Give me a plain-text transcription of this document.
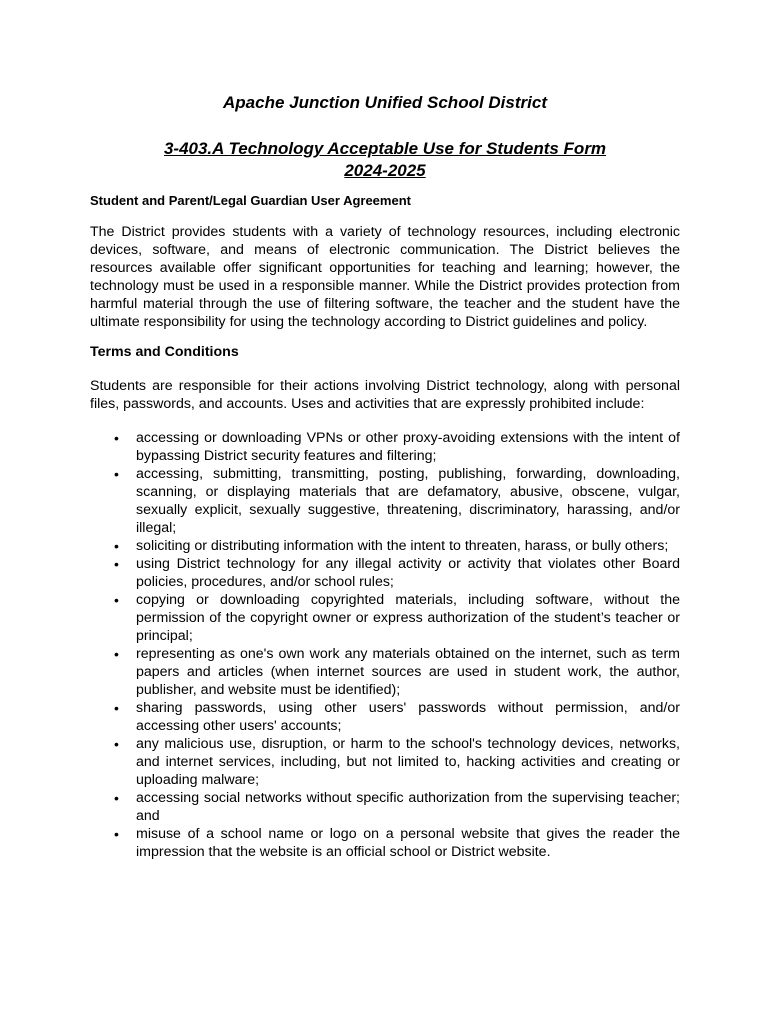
Apache Junction Unified School District

3-403.A Technology Acceptable Use for Students Form

2024-2025

Student and Parent/Legal Guardian User Agreement

The District provides students with a variety of technology resources, including electronic devices, software, and means of electronic communication. The District believes the resources available offer significant opportunities for teaching and learning; however, the technology must be used in a responsible manner. While the District provides protection from harmful material through the use of filtering software, the teacher and the student have the ultimate responsibility for using the technology according to District guidelines and policy.

Terms and Conditions

Students are responsible for their actions involving District technology, along with personal files, passwords, and accounts. Uses and activities that are expressly prohibited include:

•	accessing or downloading VPNs or other proxy-avoiding extensions with the intent of bypassing District security features and filtering;
•	accessing, submitting, transmitting, posting, publishing, forwarding, downloading, scanning, or displaying materials that are defamatory, abusive, obscene, vulgar, sexually explicit, sexually suggestive, threatening, discriminatory, harassing, and/or illegal;
•	soliciting or distributing information with the intent to threaten, harass, or bully others;
•	using District technology for any illegal activity or activity that violates other Board policies, procedures, and/or school rules;
•	copying or downloading copyrighted materials, including software, without the permission of the copyright owner or express authorization of the student’s teacher or principal;
•	representing as one's own work any materials obtained on the internet, such as term papers and articles (when internet sources are used in student work, the author, publisher, and website must be identified);
•	sharing passwords, using other users' passwords without permission, and/or accessing other users' accounts;
•	any malicious use, disruption, or harm to the school's technology devices, networks, and internet services, including, but not limited to, hacking activities and creating or uploading malware;
•	accessing social networks without specific authorization from the supervising teacher; and
•	misuse of a school name or logo on a personal website that gives the reader the impression that the website is an official school or District website.
